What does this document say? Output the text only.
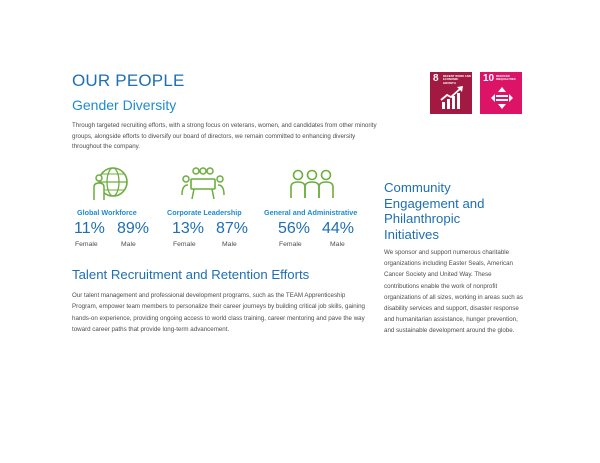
OUR PEOPLE
Gender Diversity

Through targeted recruiting efforts, with a strong focus on veterans, women, and candidates from other minority groups, alongside efforts to diversify our board of directors, we remain committed to enhancing diversity throughout the company.

8 DECENT WORK AND ECONOMIC GROWTH	10 REDUCED INEQUALITIES
Global Workforce	Corporate Leadership	General and Administrative
11% 89% 13% 87% 56% 44%
Female	Male	Female	Male	Female	Male
Talent Recruitment and Retention Efforts

Our talent management and professional development programs, such as the TEAM Apprenticeship Program, empower team members to personalize their career journeys by building critical job skills, gaining hands-on experience, providing ongoing access to world class training, career mentoring and pave the way toward career paths that provide long-term advancement.

Community Engagement and Philanthropic Initiatives

We sponsor and support numerous charitable organizations including Easter Seals, American Cancer Society and United Way. These contributions enable the work of nonprofit organizations of all sizes, working in areas such as disability services and support, disaster response and humanitarian assistance, hunger prevention, and sustainable development around the globe.
